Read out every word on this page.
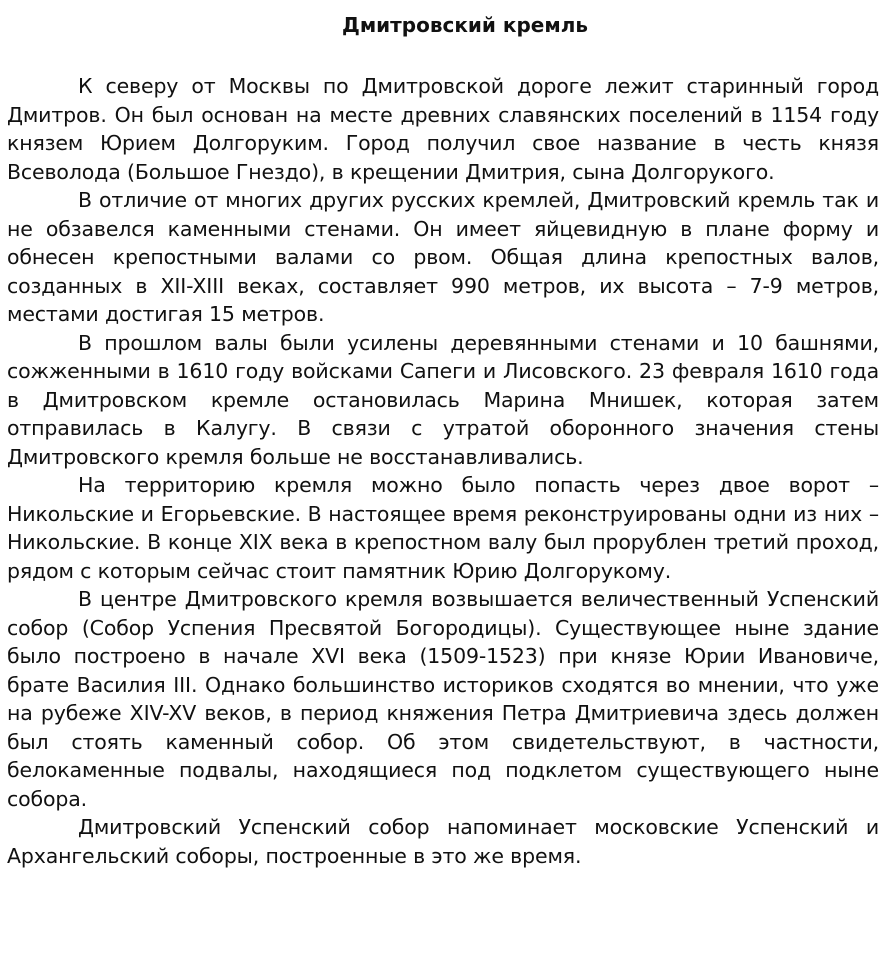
Дмитровский кремль

К северу от Москвы по Дмитровской дороге лежит старинный город Дмитров. Он был основан на месте древних славянских поселений в 1154 году князем Юрием Долгоруким. Город получил свое название в честь князя Всеволода (Большое Гнездо), в крещении Дмитрия, сына Долгорукого.

В отличие от многих других русских кремлей, Дмитровский кремль так и не обзавелся каменными стенами. Он имеет яйцевидную в плане форму и обнесен крепостными валами со рвом. Общая длина крепостных валов, созданных в XII-XIII веках, составляет 990 метров, их высота – 7-9 метров, местами достигая 15 метров.

В прошлом валы были усилены деревянными стенами и 10 башнями, сожженными в 1610 году войсками Сапеги и Лисовского. 23 февраля 1610 года в Дмитровском кремле остановилась Марина Мнишек, которая затем отправилась в Калугу. В связи с утратой оборонного значения стены Дмитровского кремля больше не восстанавливались.

На территорию кремля можно было попасть через двое ворот – Никольские и Егорьевские. В настоящее время реконструированы одни из них – Никольские. В конце XIX века в крепостном валу был прорублен третий проход, рядом с которым сейчас стоит памятник Юрию Долгорукому.

В центре Дмитровского кремля возвышается величественный Успенский собор (Собор Успения Пресвятой Богородицы). Существующее ныне здание было построено в начале XVI века (1509-1523) при князе Юрии Ивановиче, брате Василия III. Однако большинство историков сходятся во мнении, что уже на рубеже XIV-XV веков, в период княжения Петра Дмитриевича здесь должен был стоять каменный собор. Об этом свидетельствуют, в частности, белокаменные подвалы, находящиеся под подклетом существующего ныне собора.

Дмитровский Успенский собор напоминает московские Успенский и Архангельский соборы, построенные в это же время.
